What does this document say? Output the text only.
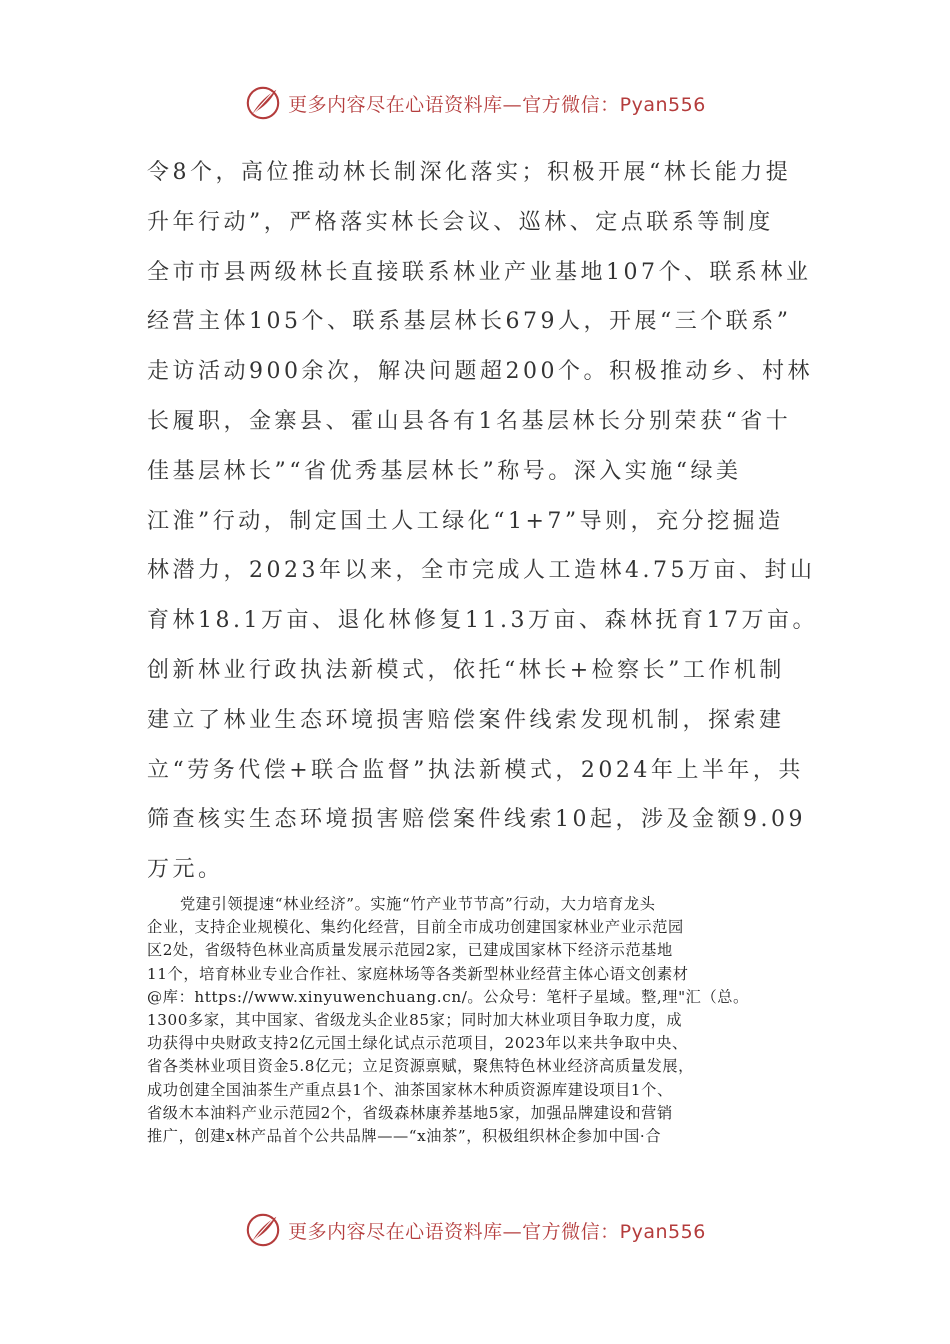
更多内容尽在心语资料库—官方微信：Pyan556

令8个，高位推动林长制深化落实；积极开展“林长能力提

升年行动”，严格落实林长会议、巡林、定点联系等制度

全市市县两级林长直接联系林业产业基地107个、联系林业

经营主体105个、联系基层林长679人，开展“三个联系”

走访活动900余次，解决问题超200个。积极推动乡、村林

长履职，金寨县、霍山县各有1名基层林长分别荣获“省十

佳基层林长”“省优秀基层林长”称号。深入实施“绿美

江淮”行动，制定国土人工绿化“1+7”导则，充分挖掘造

林潜力，2023年以来，全市完成人工造林4.75万亩、封山

育林18.1万亩、退化林修复11.3万亩、森林抚育17万亩。

创新林业行政执法新模式，依托“林长+检察长”工作机制

建立了林业生态环境损害赔偿案件线索发现机制，探索建

立“劳务代偿+联合监督”执法新模式，2024年上半年，共

筛查核实生态环境损害赔偿案件线索10起，涉及金额9.09

万元。

党建引领提速“林业经济”。实施“竹产业节节高”行动，大力培育龙头

企业，支持企业规模化、集约化经营，目前全市成功创建国家林业产业示范园

区2处，省级特色林业高质量发展示范园2家，已建成国家林下经济示范基地

11个，培育林业专业合作社、家庭林场等各类新型林业经营主体心语文创素材

@库：https://www.xinyuwenchuang.cn/。公众号：笔杆子星域。整,理"汇（总。

1300多家，其中国家、省级龙头企业85家；同时加大林业项目争取力度，成

功获得中央财政支持2亿元国土绿化试点示范项目，2023年以来共争取中央、

省各类林业项目资金5.8亿元；立足资源禀赋，聚焦特色林业经济高质量发展，

成功创建全国油茶生产重点县1个、油茶国家林木种质资源库建设项目1个、

省级木本油料产业示范园2个，省级森林康养基地5家，加强品牌建设和营销

推广，创建x林产品首个公共品牌——“x油茶”，积极组织林企参加中国·合

更多内容尽在心语资料库—官方微信：Pyan556
